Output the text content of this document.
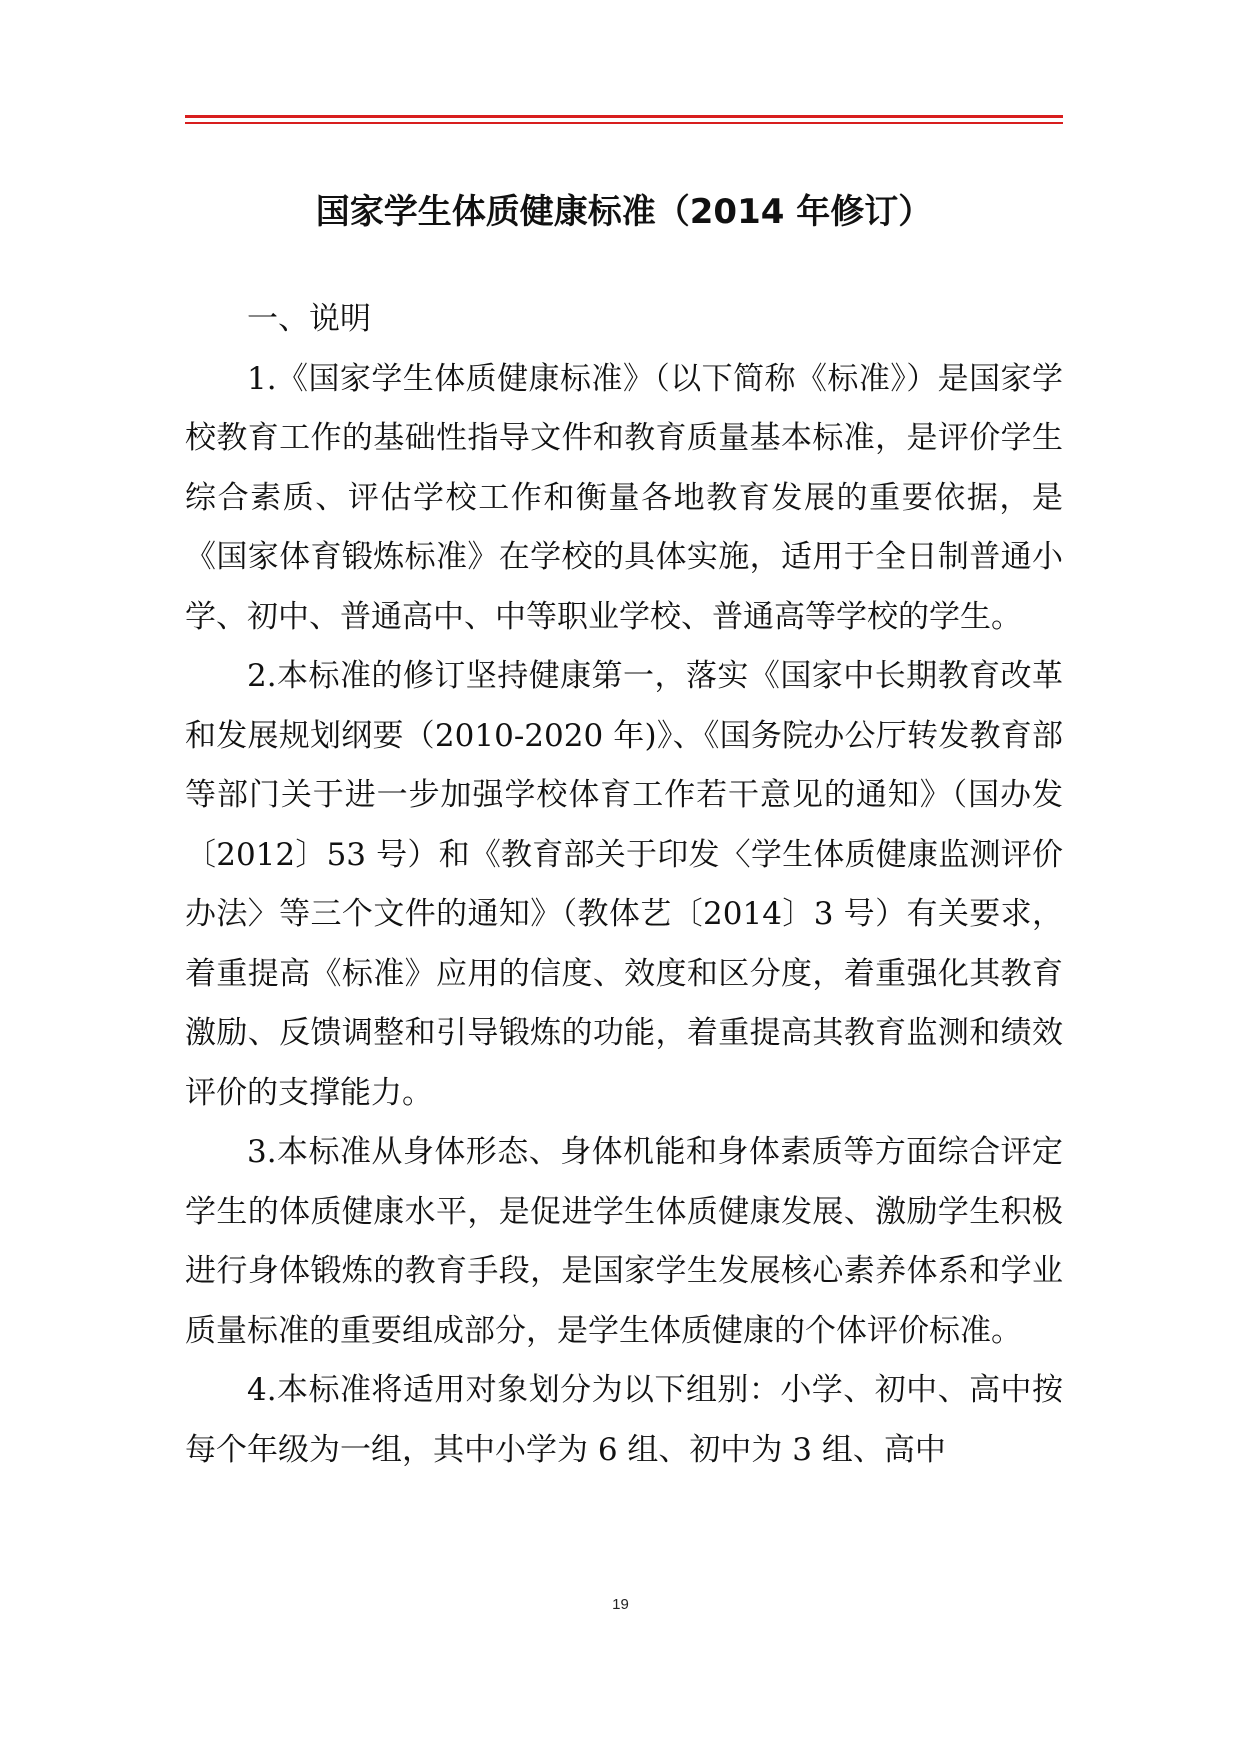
国家学生体质健康标准（2014 年修订）

一、说明

1.《国家学生体质健康标准》（以下简称《标准》）是国家学校教育工作的基础性指导文件和教育质量基本标准，是评价学生综合素质、评估学校工作和衡量各地教育发展的重要依据，是《国家体育锻炼标准》在学校的具体实施，适用于全日制普通小学、初中、普通高中、中等职业学校、普通高等学校的学生。

2.本标准的修订坚持健康第一，落实《国家中长期教育改革和发展规划纲要（2010-2020 年)》、《国务院办公厅转发教育部等部门关于进一步加强学校体育工作若干意见的通知》（国办发〔2012〕53 号）和《教育部关于印发〈学生体质健康监测评价办法〉等三个文件的通知》（教体艺〔2014〕3 号）有关要求，着重提高《标准》应用的信度、效度和区分度，着重强化其教育激励、反馈调整和引导锻炼的功能，着重提高其教育监测和绩效评价的支撑能力。

3.本标准从身体形态、身体机能和身体素质等方面综合评定学生的体质健康水平，是促进学生体质健康发展、激励学生积极进行身体锻炼的教育手段，是国家学生发展核心素养体系和学业质量标准的重要组成部分，是学生体质健康的个体评价标准。

4.本标准将适用对象划分为以下组别：小学、初中、高中按每个年级为一组，其中小学为 6 组、初中为 3 组、高中

19
